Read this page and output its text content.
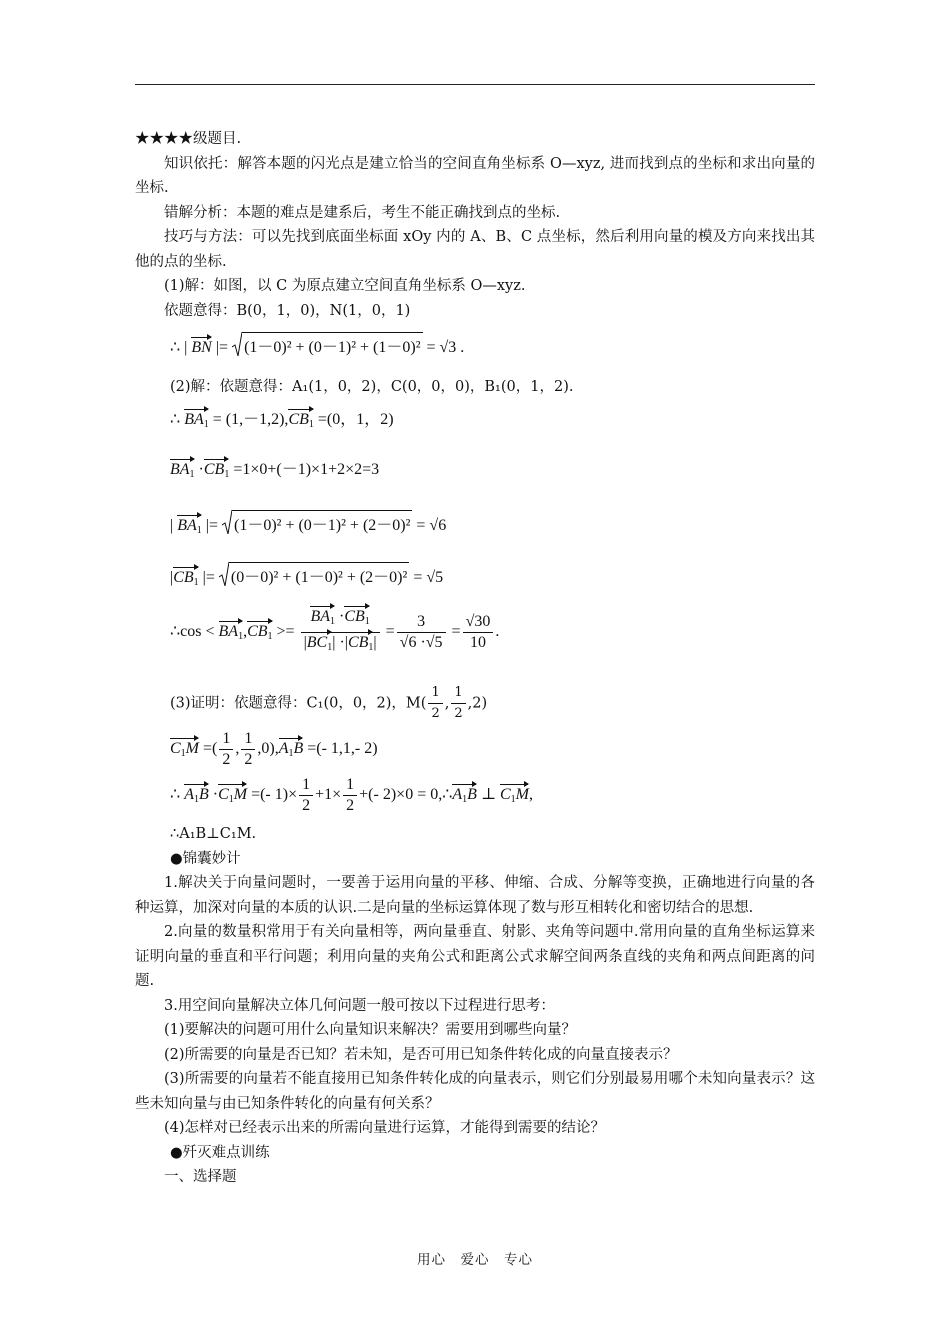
★★★★级题目.

知识依托：解答本题的闪光点是建立恰当的空间直角坐标系 O—xyz, 进而找到点的坐标和求出向量的坐标.

错解分析：本题的难点是建系后，考生不能正确找到点的坐标.

技巧与方法：可以先找到底面坐标面 xOy 内的 A、B、C 点坐标，然后利用向量的模及方向来找出其他的点的坐标.

(1)解：如图，以 C 为原点建立空间直角坐标系 O—xyz.

依题意得：B(0，1，0)，N(1，0，1)

∴ | BN |=
(1－0)² + (0－1)² + (1－0)² = √3 .
(2)解：依题意得：A₁(1，0，2)，C(0，0，0)，B₁(0，1，2).
∴ $BA_1 = (1,-1,2),CB_1 =(0$，1，2)
$BA_1 \cdot CB_1 =1\times 0+(-1)\times 1+2\times 2=3$
| $BA_1$ |=
(1－0)² + (0－1)² + (2－0)² = √6
$|CB_1$ |=
(0－0)² + (1－0)² + (2－0)² = √5
∴cos < $BA_1,CB_1 >= \frac{BA_1 \cdot CB_1}{|BC_1| \cdot|CB_1|} = \frac{3}{√6 \cdot√5} = \frac{√30}{10}$ .
(3)证明：依题意得：C₁(0，0，2)，$M( \frac{1}{2}$ , $\frac{1}{2} ,2$)
$C_1M$ =( $\frac{1}{2}$ , $\frac{1}{2} ,0),A_1B$ =(- 1,1,- 2)
∴ $A_1B \cdot C_1M$ =(- $1)\times \frac{1}{2} +1\times \frac{1}{2}$ +(- $2)\times 0 = 0,\therefore A_1B$ ⊥ $C_1M$,

∴A₁B⊥C₁M.

●锦囊妙计

1.解决关于向量问题时，一要善于运用向量的平移、伸缩、合成、分解等变换，正确地进行向量的各种运算，加深对向量的本质的认识.二是向量的坐标运算体现了数与形互相转化和密切结合的思想.

2.向量的数量积常用于有关向量相等，两向量垂直、射影、夹角等问题中.常用向量的直角坐标运算来证明向量的垂直和平行问题；利用向量的夹角公式和距离公式求解空间两条直线的夹角和两点间距离的问题.

3.用空间向量解决立体几何问题一般可按以下过程进行思考：

(1)要解决的问题可用什么向量知识来解决？需要用到哪些向量？

(2)所需要的向量是否已知？若未知，是否可用已知条件转化成的向量直接表示？

(3)所需要的向量若不能直接用已知条件转化成的向量表示，则它们分别最易用哪个未知向量表示？这些未知向量与由已知条件转化的向量有何关系？

(4)怎样对已经表示出来的所需向量进行运算，才能得到需要的结论？

●歼灭难点训练

一、选择题

用心　爱心　专心
